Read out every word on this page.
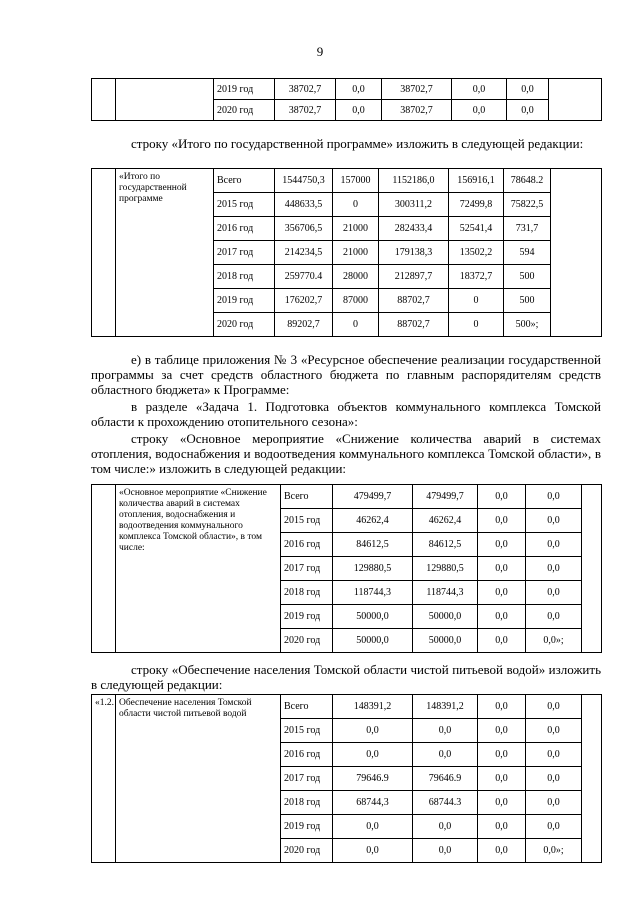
9
		2019 год	38702,7	0,0	38702,7	0,0	0,0	
		2020 год	38702,7	0,0	38702,7	0,0	0,0	

строку «Итого по государственной программе» изложить в следующей редакции:

	«Итого по государственной программе	Всего	1544750,3	157000	1152186,0	156916,1	78648.2	
		2015 год	448633,5	0	300311,2	72499,8	75822,5	
		2016 год	356706,5	21000	282433,4	52541,4	731,7	
		2017 год	214234,5	21000	179138,3	13502,2	594	
		2018 год	259770.4	28000	212897,7	18372,7	500	
		2019 год	176202,7	87000	88702,7	0	500	
		2020 год	89202,7	0	88702,7	0	500»;	

е) в таблице приложения № 3 «Ресурсное обеспечение реализации государственной программы за счет средств областного бюджета по главным распорядителям средств областного бюджета» к Программе:

в разделе «Задача 1. Подготовка объектов коммунального комплекса Томской области к прохождению отопительного сезона»:

строку «Основное мероприятие «Снижение количества аварий в системах отопления, водоснабжения и водоотведения коммунального комплекса Томской области», в том числе:» изложить в следующей редакции:

	«Основное мероприятие «Снижение количества аварий в системах отопления, водоснабжения и водоотведения коммунального комплекса Томской области», в том числе:	Всего	479499,7	479499,7	0,0	0,0	
		2015 год	46262,4	46262,4	0,0	0,0	
		2016 год	84612,5	84612,5	0,0	0,0	
		2017 год	129880,5	129880,5	0,0	0,0	
		2018 год	118744,3	118744,3	0,0	0,0	
		2019 год	50000,0	50000,0	0,0	0,0	
		2020 год	50000,0	50000,0	0,0	0,0»;	

строку «Обеспечение населения Томской области чистой питьевой водой» изложить в следующей редакции:

«1.2.	Обеспечение населения Томской области чистой питьевой водой	Всего	148391,2	148391,2	0,0	0,0	
		2015 год	0,0	0,0	0,0	0,0	
		2016 год	0,0	0,0	0,0	0,0	
		2017 год	79646.9	79646.9	0,0	0,0	
		2018 год	68744,3	68744.3	0,0	0,0	
		2019 год	0,0	0,0	0,0	0,0	
		2020 год	0,0	0,0	0,0	0,0»;	
